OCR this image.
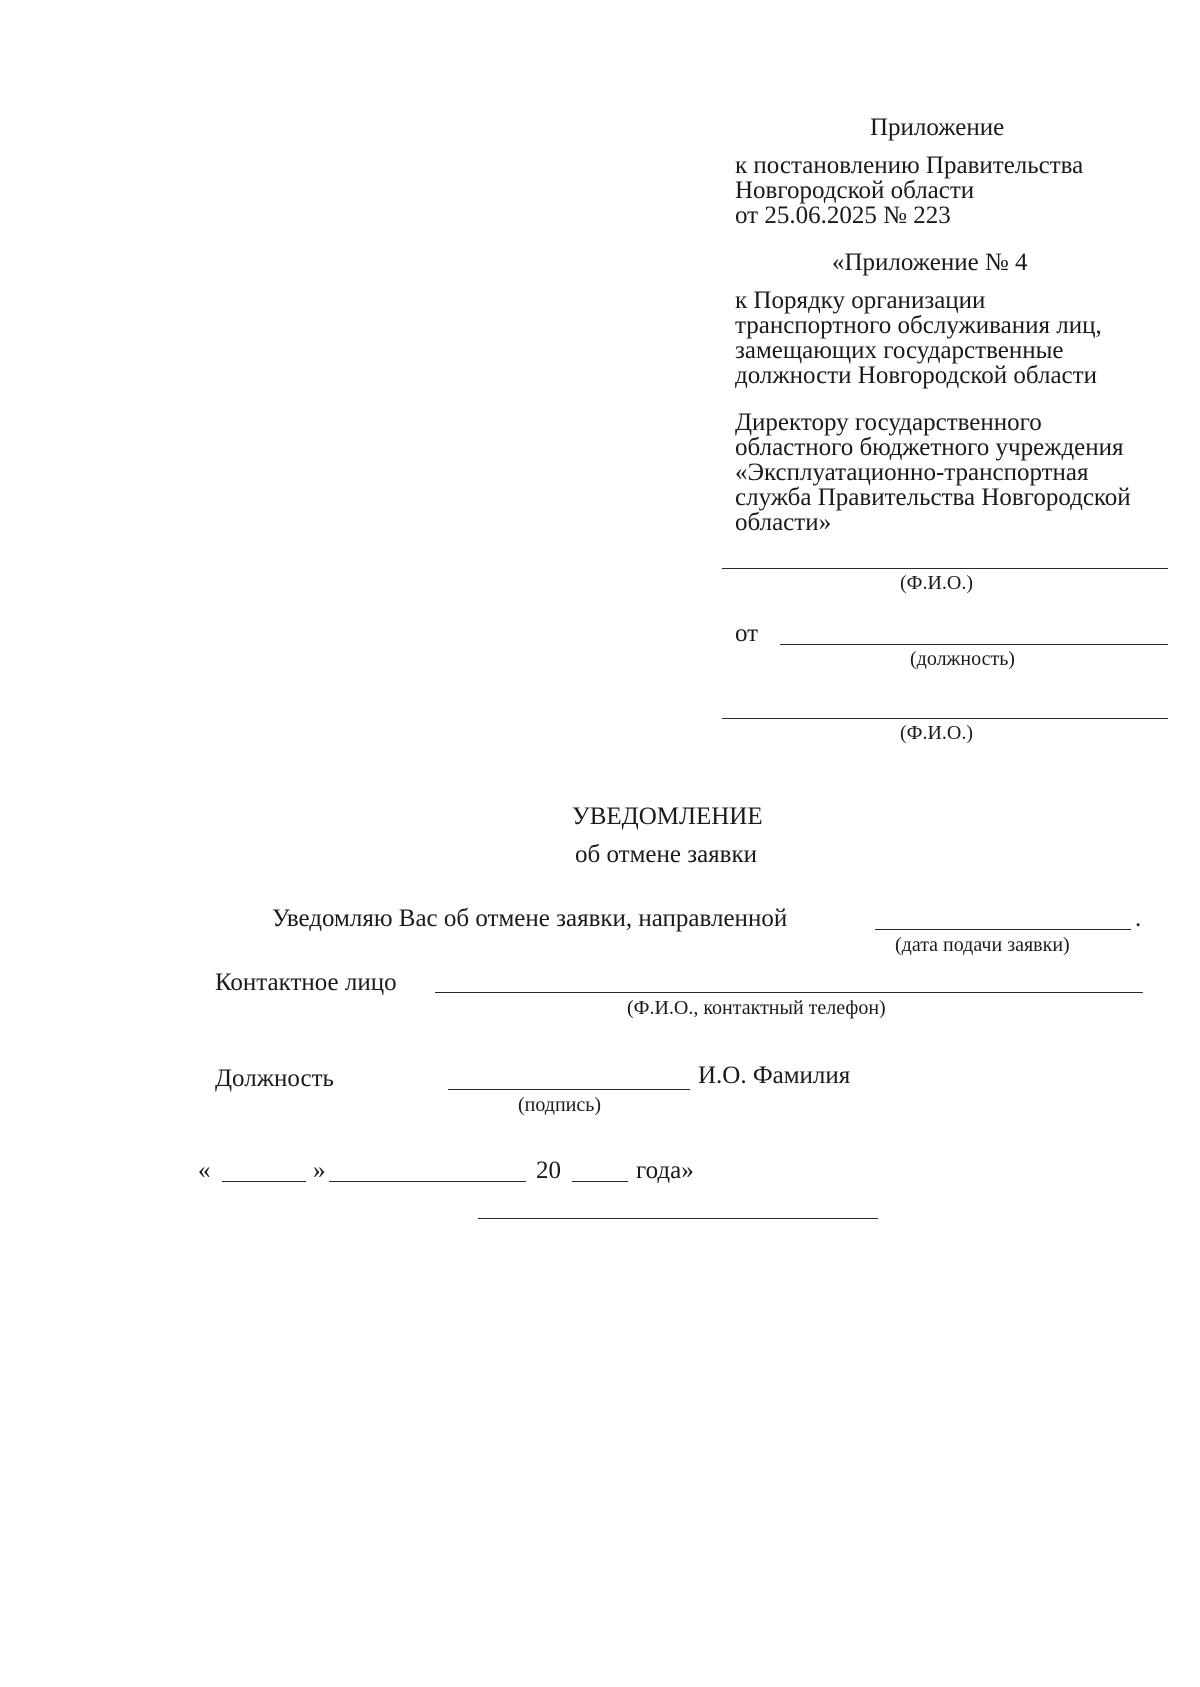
Приложение
к постановлению Правительства
Новгородской области
от 25.06.2025 № 223
«Приложение № 4
к Порядку организации
транспортного обслуживания лиц,
замещающих государственные
должности Новгородской области
Директору государственного
областного бюджетного учреждения
«Эксплуатационно-транспортная
служба Правительства Новгородской
области»
(Ф.И.О.)
от
(должность)
(Ф.И.О.)
УВЕДОМЛЕНИЕ
об отмене заявки
Уведомляю Вас об отмене заявки, направленной	.
(дата подачи заявки)
Контактное лицо
(Ф.И.О., контактный телефон)
Должность	И.О. Фамилия
(подпись)
«	»	20	года»
